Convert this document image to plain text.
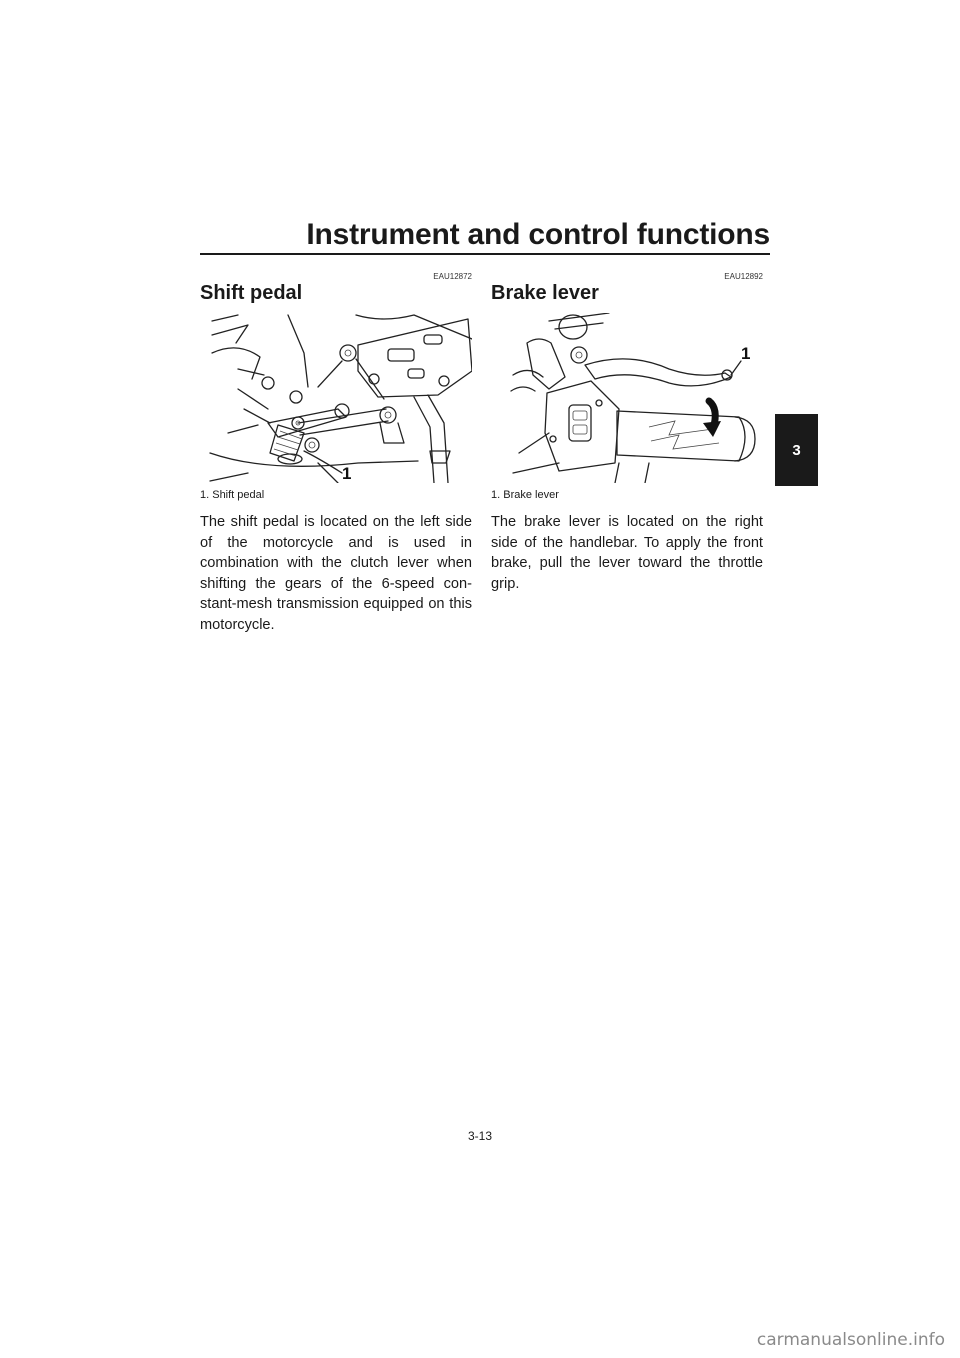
Instrument and control functions
3
EAU12872
Shift pedal
1

1. Shift pedal

The shift pedal is located on the left side of the motorcycle and is used in combination with the clutch lever when shifting the gears of the 6-speed con-stant-mesh transmission equipped on this motorcycle.

EAU12892
Brake lever
1

1. Brake lever

The brake lever is located on the right side of the handlebar. To apply the front brake, pull the lever toward the throttle grip.

3-13
carmanualsonline.info
